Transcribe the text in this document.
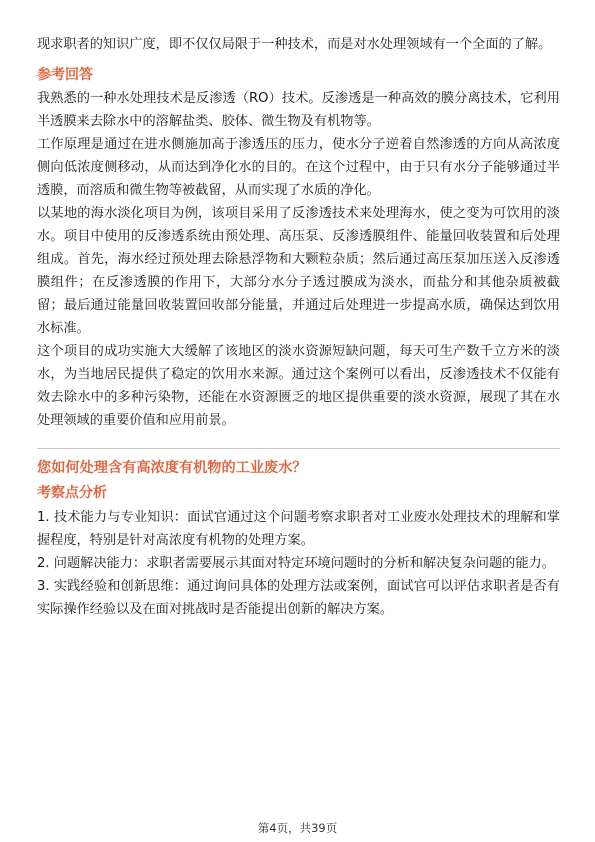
现求职者的知识广度，即不仅仅局限于一种技术，而是对水处理领域有一个全面的了解。

参考回答

我熟悉的一种水处理技术是反渗透（RO）技术。反渗透是一种高效的膜分离技术，它利用半透膜来去除水中的溶解盐类、胶体、微生物及有机物等。

工作原理是通过在进水侧施加高于渗透压的压力，使水分子逆着自然渗透的方向从高浓度侧向低浓度侧移动，从而达到净化水的目的。在这个过程中，由于只有水分子能够通过半透膜，而溶质和微生物等被截留，从而实现了水质的净化。

以某地的海水淡化项目为例，该项目采用了反渗透技术来处理海水，使之变为可饮用的淡水。项目中使用的反渗透系统由预处理、高压泵、反渗透膜组件、能量回收装置和后处理组成。首先，海水经过预处理去除悬浮物和大颗粒杂质；然后通过高压泵加压送入反渗透膜组件；在反渗透膜的作用下，大部分水分子透过膜成为淡水，而盐分和其他杂质被截留；最后通过能量回收装置回收部分能量，并通过后处理进一步提高水质，确保达到饮用水标准。

这个项目的成功实施大大缓解了该地区的淡水资源短缺问题，每天可生产数千立方米的淡水，为当地居民提供了稳定的饮用水来源。通过这个案例可以看出，反渗透技术不仅能有效去除水中的多种污染物，还能在水资源匮乏的地区提供重要的淡水资源，展现了其在水处理领域的重要价值和应用前景。

您如何处理含有高浓度有机物的工业废水？
考察点分析

1. 技术能力与专业知识：面试官通过这个问题考察求职者对工业废水处理技术的理解和掌握程度，特别是针对高浓度有机物的处理方案。

2. 问题解决能力：求职者需要展示其面对特定环境问题时的分析和解决复杂问题的能力。

3. 实践经验和创新思维：通过询问具体的处理方法或案例，面试官可以评估求职者是否有实际操作经验以及在面对挑战时是否能提出创新的解决方案。

第4页，共39页
